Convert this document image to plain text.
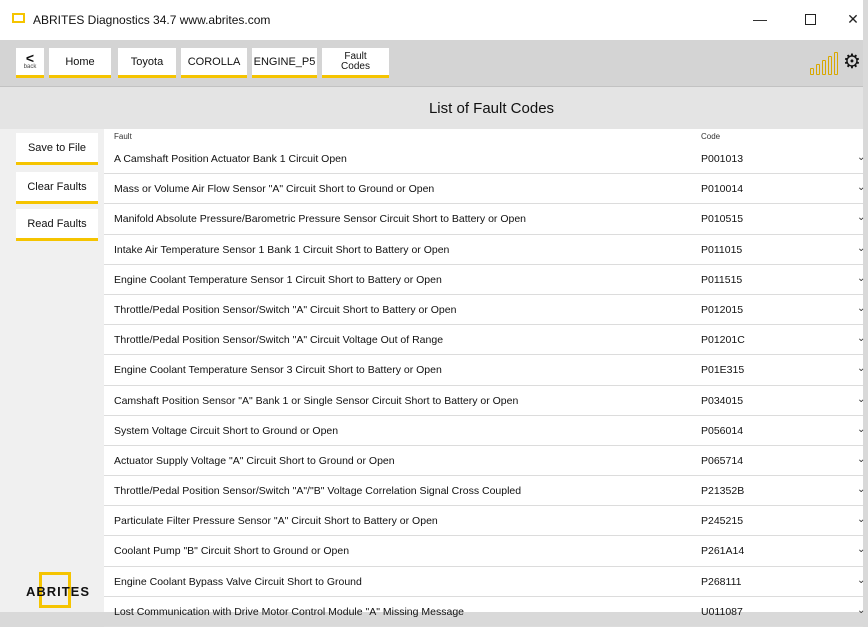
ABRITES Diagnostics 34.7 www.abrites.com	—	✕
<
back	Home	Toyota	COROLLA	ENGINE_P5	Fault
Codes	⚙
List of Fault Codes
Save to File
Clear Faults
Read Faults
ABRITES
Fault	Code
A Camshaft Position Actuator Bank 1 Circuit Open	P001013	⌄
Mass or Volume Air Flow Sensor "A" Circuit Short to Ground or Open	P010014	⌄
Manifold Absolute Pressure/Barometric Pressure Sensor Circuit Short to Battery or Open	P010515	⌄
Intake Air Temperature Sensor 1 Bank 1 Circuit Short to Battery or Open	P011015	⌄
Engine Coolant Temperature Sensor 1 Circuit Short to Battery or Open	P011515	⌄
Throttle/Pedal Position Sensor/Switch "A" Circuit Short to Battery or Open	P012015	⌄
Throttle/Pedal Position Sensor/Switch "A" Circuit Voltage Out of Range	P01201C	⌄
Engine Coolant Temperature Sensor 3 Circuit Short to Battery or Open	P01E315	⌄
Camshaft Position Sensor "A" Bank 1 or Single Sensor Circuit Short to Battery or Open	P034015	⌄
System Voltage Circuit Short to Ground or Open	P056014	⌄
Actuator Supply Voltage "A" Circuit Short to Ground or Open	P065714	⌄
Throttle/Pedal Position Sensor/Switch "A"/"B" Voltage Correlation Signal Cross Coupled	P21352B	⌄
Particulate Filter Pressure Sensor "A" Circuit Short to Battery or Open	P245215	⌄
Coolant Pump "B" Circuit Short to Ground or Open	P261A14	⌄
Engine Coolant Bypass Valve Circuit Short to Ground	P268111	⌄
Lost Communication with Drive Motor Control Module "A" Missing Message	U011087	⌄
